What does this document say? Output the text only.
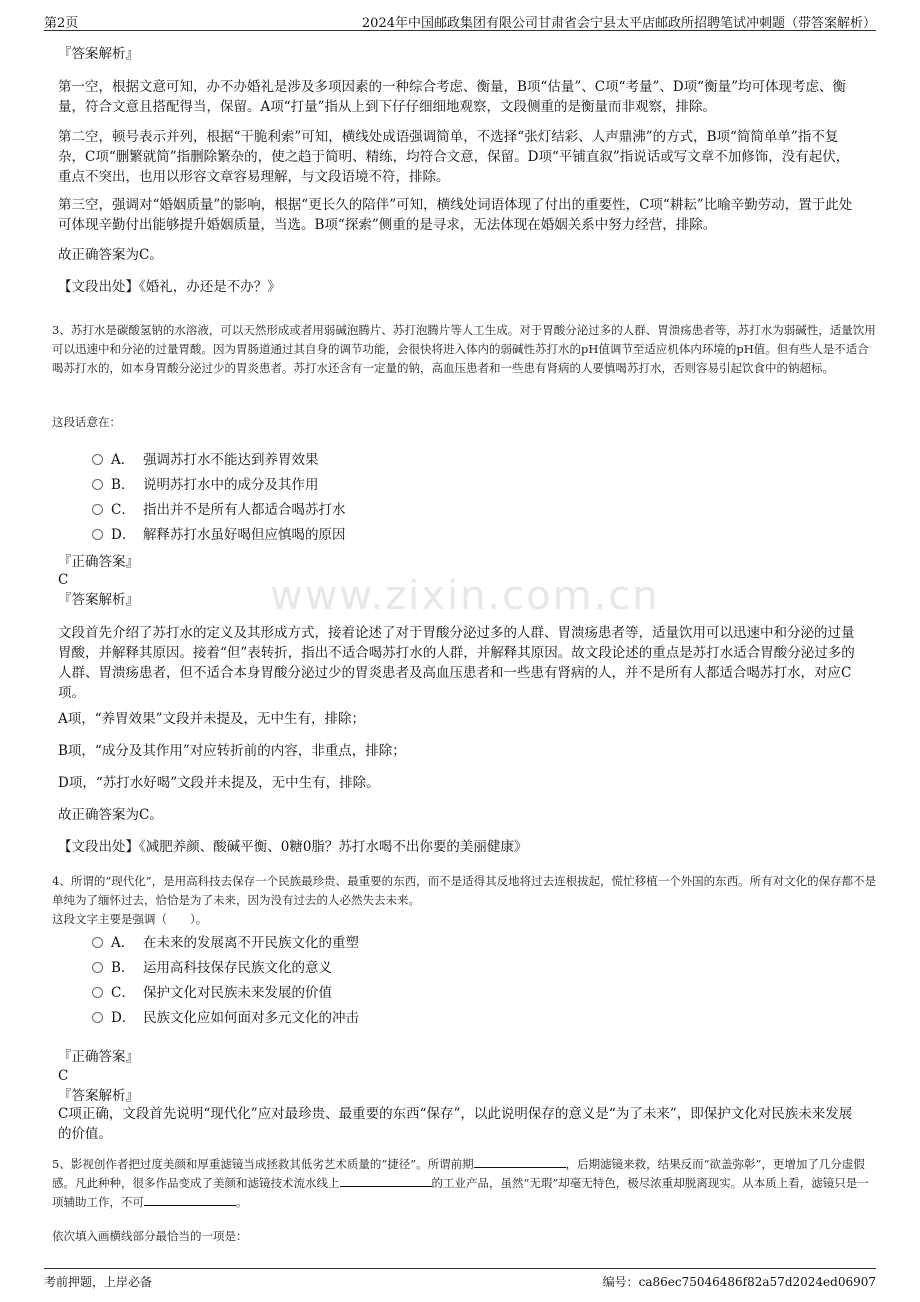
第2页	2024年中国邮政集团有限公司甘肃省会宁县太平店邮政所招聘笔试冲刺题（带答案解析）
www.zixin.com.cn
『答案解析』

第一空，根据文意可知，办不办婚礼是涉及多项因素的一种综合考虑、衡量，B项“估量”、C项“考量”、D项“衡量”均可体现考虑、衡量，符合文意且搭配得当，保留。A项“打量”指从上到下仔仔细细地观察，文段侧重的是衡量而非观察，排除。

第二空，顿号表示并列，根据“干脆利索”可知，横线处成语强调简单，不选择“张灯结彩、人声鼎沸”的方式，B项“简简单单”指不复杂，C项“删繁就简”指删除繁杂的，使之趋于简明、精练，均符合文意，保留。D项“平铺直叙”指说话或写文章不加修饰，没有起伏，重点不突出，也用以形容文章容易理解，与文段语境不符，排除。

第三空，强调对“婚姻质量”的影响，根据“更长久的陪伴”可知，横线处词语体现了付出的重要性，C项“耕耘”比喻辛勤劳动，置于此处可体现辛勤付出能够提升婚姻质量，当选。B项“探索”侧重的是寻求，无法体现在婚姻关系中努力经营，排除。

故正确答案为C。

【文段出处】《婚礼，办还是不办？》

3、苏打水是碳酸氢钠的水溶液，可以天然形成或者用弱碱泡腾片、苏打泡腾片等人工生成。对于胃酸分泌过多的人群、胃溃疡患者等，苏打水为弱碱性，适量饮用可以迅速中和分泌的过量胃酸。因为胃肠道通过其自身的调节功能，会很快将进入体内的弱碱性苏打水的pH值调节至适应机体内环境的pH值。但有些人是不适合喝苏打水的，如本身胃酸分泌过少的胃炎患者。苏打水还含有一定量的钠，高血压患者和一些患有肾病的人要慎喝苏打水，否则容易引起饮食中的钠超标。

这段话意在：

A． 强调苏打水不能达到养胃效果
B． 说明苏打水中的成分及其作用
C． 指出并不是所有人都适合喝苏打水
D． 解释苏打水虽好喝但应慎喝的原因
『正确答案』
C
『答案解析』

文段首先介绍了苏打水的定义及其形成方式，接着论述了对于胃酸分泌过多的人群、胃溃疡患者等，适量饮用可以迅速中和分泌的过量胃酸，并解释其原因。接着“但”表转折，指出不适合喝苏打水的人群，并解释其原因。故文段论述的重点是苏打水适合胃酸分泌过多的人群、胃溃疡患者，但不适合本身胃酸分泌过少的胃炎患者及高血压患者和一些患有肾病的人，并不是所有人都适合喝苏打水，对应C项。

A项，“养胃效果”文段并未提及，无中生有，排除；

B项，“成分及其作用”对应转折前的内容，非重点，排除；

D项，“苏打水好喝”文段并未提及，无中生有，排除。

故正确答案为C。

【文段出处】《减肥养颜、酸碱平衡、0糖0脂？苏打水喝不出你要的美丽健康》

4、所谓的“现代化”，是用高科技去保存一个民族最珍贵、最重要的东西，而不是适得其反地将过去连根拔起，慌忙移植一个外国的东西。所有对文化的保存都不是单纯为了缅怀过去，恰恰是为了未来，因为没有过去的人必然失去未来。

这段文字主要是强调（　　）。

A． 在未来的发展离不开民族文化的重塑
B． 运用高科技保存民族文化的意义
C． 保护文化对民族未来发展的价值
D． 民族文化应如何面对多元文化的冲击
『正确答案』
C
『答案解析』

C项正确，文段首先说明“现代化”应对最珍贵、最重要的东西“保存”，以此说明保存的意义是“为了未来”，即保护文化对民族未来发展的价值。

5、影视创作者把过度美颜和厚重滤镜当成拯救其低劣艺术质量的“捷径”。所谓前期	，后期滤镜来救，结果反而“欲盖弥彰”，更增加了几分虚假感。凡此种种，很多作品变成了美颜和滤镜技术流水线上	的工业产品，虽然“无瑕”却毫无特色，极尽浓重却脱离现实。从本质上看，滤镜只是一项辅助工作，不可	。

依次填入画横线部分最恰当的一项是：

考前押题，上岸必备	编号：ca86ec75046486f82a57d2024ed06907
